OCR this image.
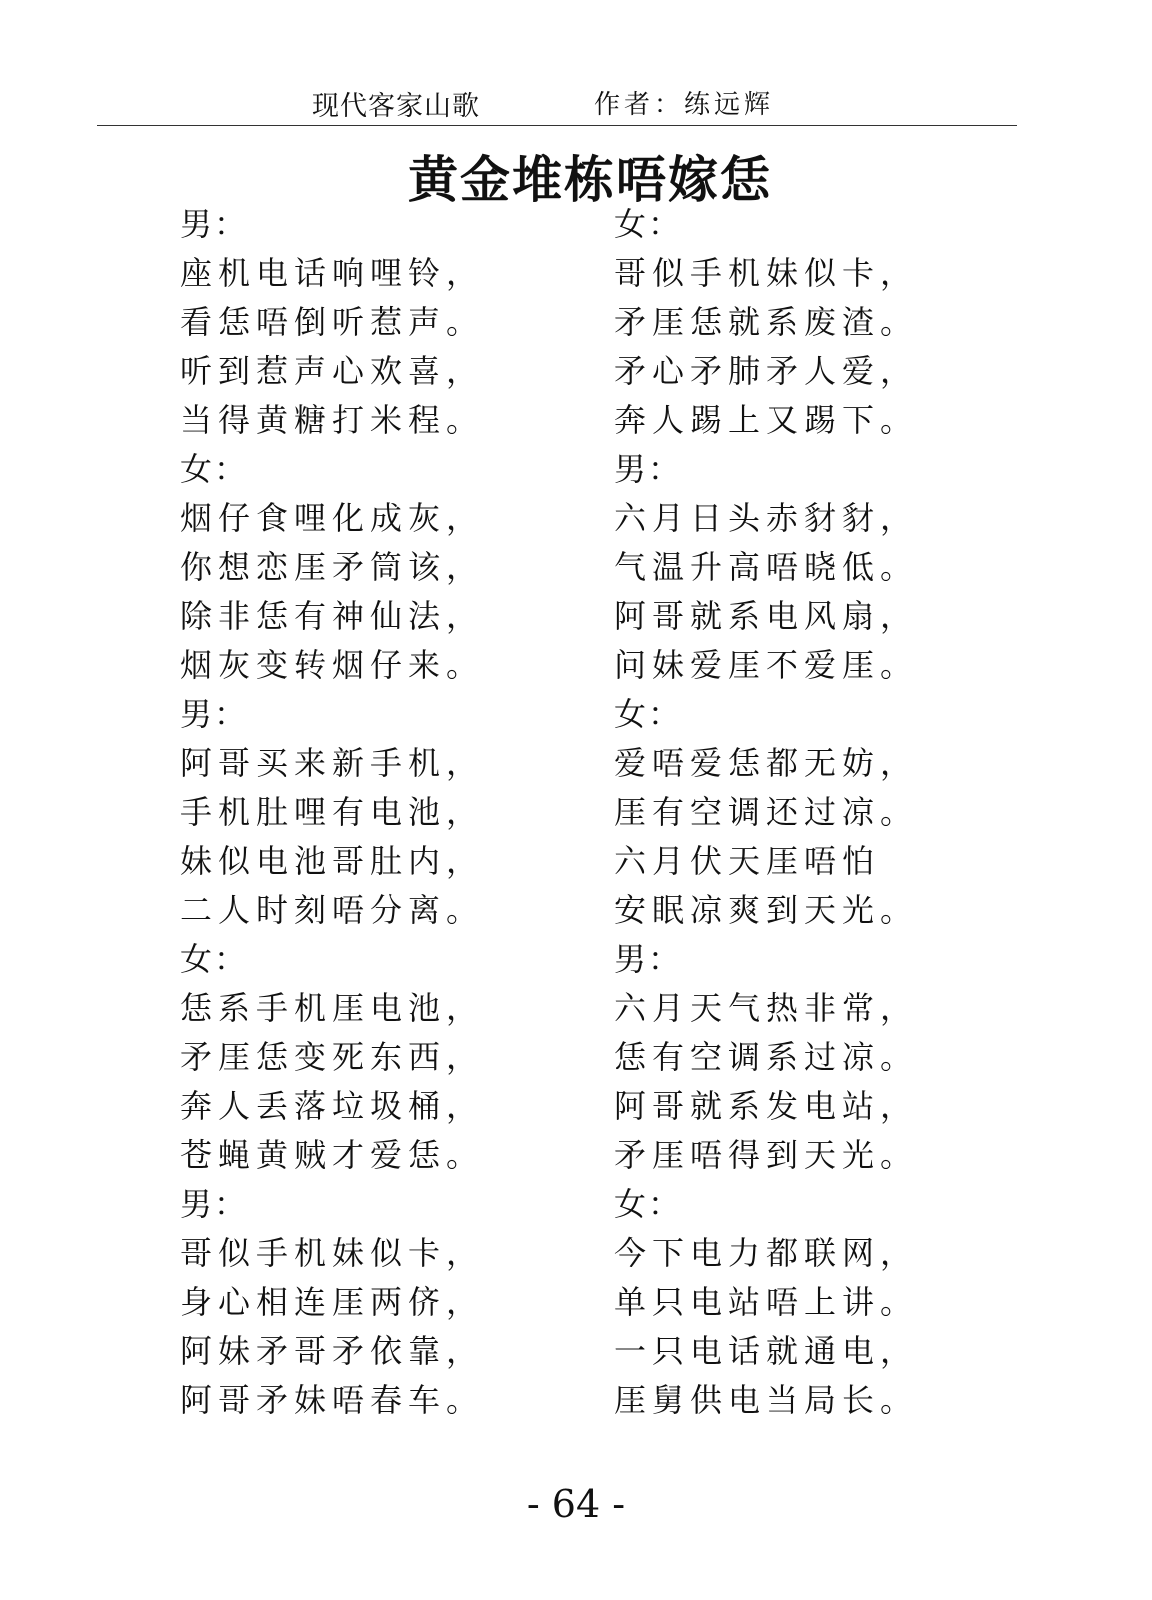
现代客家山歌	作者：练远辉
黄金堆栋唔嫁恁
男：
座机电话响哩铃，
看恁唔倒听惹声。
听到惹声心欢喜，
当得黄糖打米程。
女：
烟仔食哩化成灰，
你想恋厓矛筒该，
除非恁有神仙法，
烟灰变转烟仔来。
男：
阿哥买来新手机，
手机肚哩有电池，
妹似电池哥肚内，
二人时刻唔分离。
女：
恁系手机厓电池，
矛厓恁变死东西，
奔人丢落垃圾桶，
苍蝇黄贼才爱恁。
男：
哥似手机妹似卡，
身心相连厓两侪，
阿妹矛哥矛依靠，
阿哥矛妹唔春车。
女：
哥似手机妹似卡，
矛厓恁就系废渣。
矛心矛肺矛人爱，
奔人踢上又踢下。
男：
六月日头赤豺豺，
气温升高唔晓低。
阿哥就系电风扇，
问妹爱厓不爱厓。
女：
爱唔爱恁都无妨，
厓有空调还过凉。
六月伏天厓唔怕
安眠凉爽到天光。
男：
六月天气热非常，
恁有空调系过凉。
阿哥就系发电站，
矛厓唔得到天光。
女：
今下电力都联网，
单只电站唔上讲。
一只电话就通电，
厓舅供电当局长。
- 64 -
